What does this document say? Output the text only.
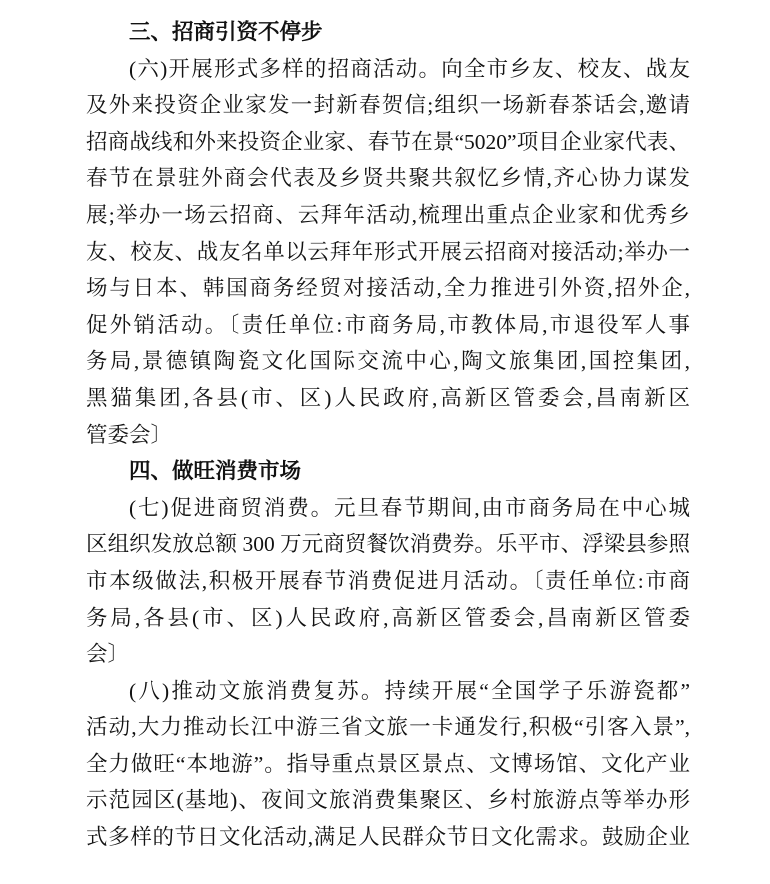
三、招商引资不停步
(六)开展形式多样的招商活动。向全市乡友、校友、战友
及外来投资企业家发一封新春贺信;组织一场新春茶话会,邀请
招商战线和外来投资企业家、春节在景“5020”项目企业家代表、
春节在景驻外商会代表及乡贤共聚共叙忆乡情,齐心协力谋发
展;举办一场云招商、云拜年活动,梳理出重点企业家和优秀乡
友、校友、战友名单以云拜年形式开展云招商对接活动;举办一
场与日本、韩国商务经贸对接活动,全力推进引外资,招外企,
促外销活动。〔责任单位:市商务局,市教体局,市退役军人事
务局,景德镇陶瓷文化国际交流中心,陶文旅集团,国控集团,
黑猫集团,各县(市、区)人民政府,高新区管委会,昌南新区
管委会〕
四、做旺消费市场
(七)促进商贸消费。元旦春节期间,由市商务局在中心城
区组织发放总额 300 万元商贸餐饮消费券。乐平市、浮梁县参照
市本级做法,积极开展春节消费促进月活动。〔责任单位:市商
务局,各县(市、区)人民政府,高新区管委会,昌南新区管委
会〕
(八)推动文旅消费复苏。持续开展“全国学子乐游瓷都”
活动,大力推动长江中游三省文旅一卡通发行,积极“引客入景”,
全力做旺“本地游”。指导重点景区景点、文博场馆、文化产业
示范园区(基地)、夜间文旅消费集聚区、乡村旅游点等举办形
式多样的节日文化活动,满足人民群众节日文化需求。鼓励企业
